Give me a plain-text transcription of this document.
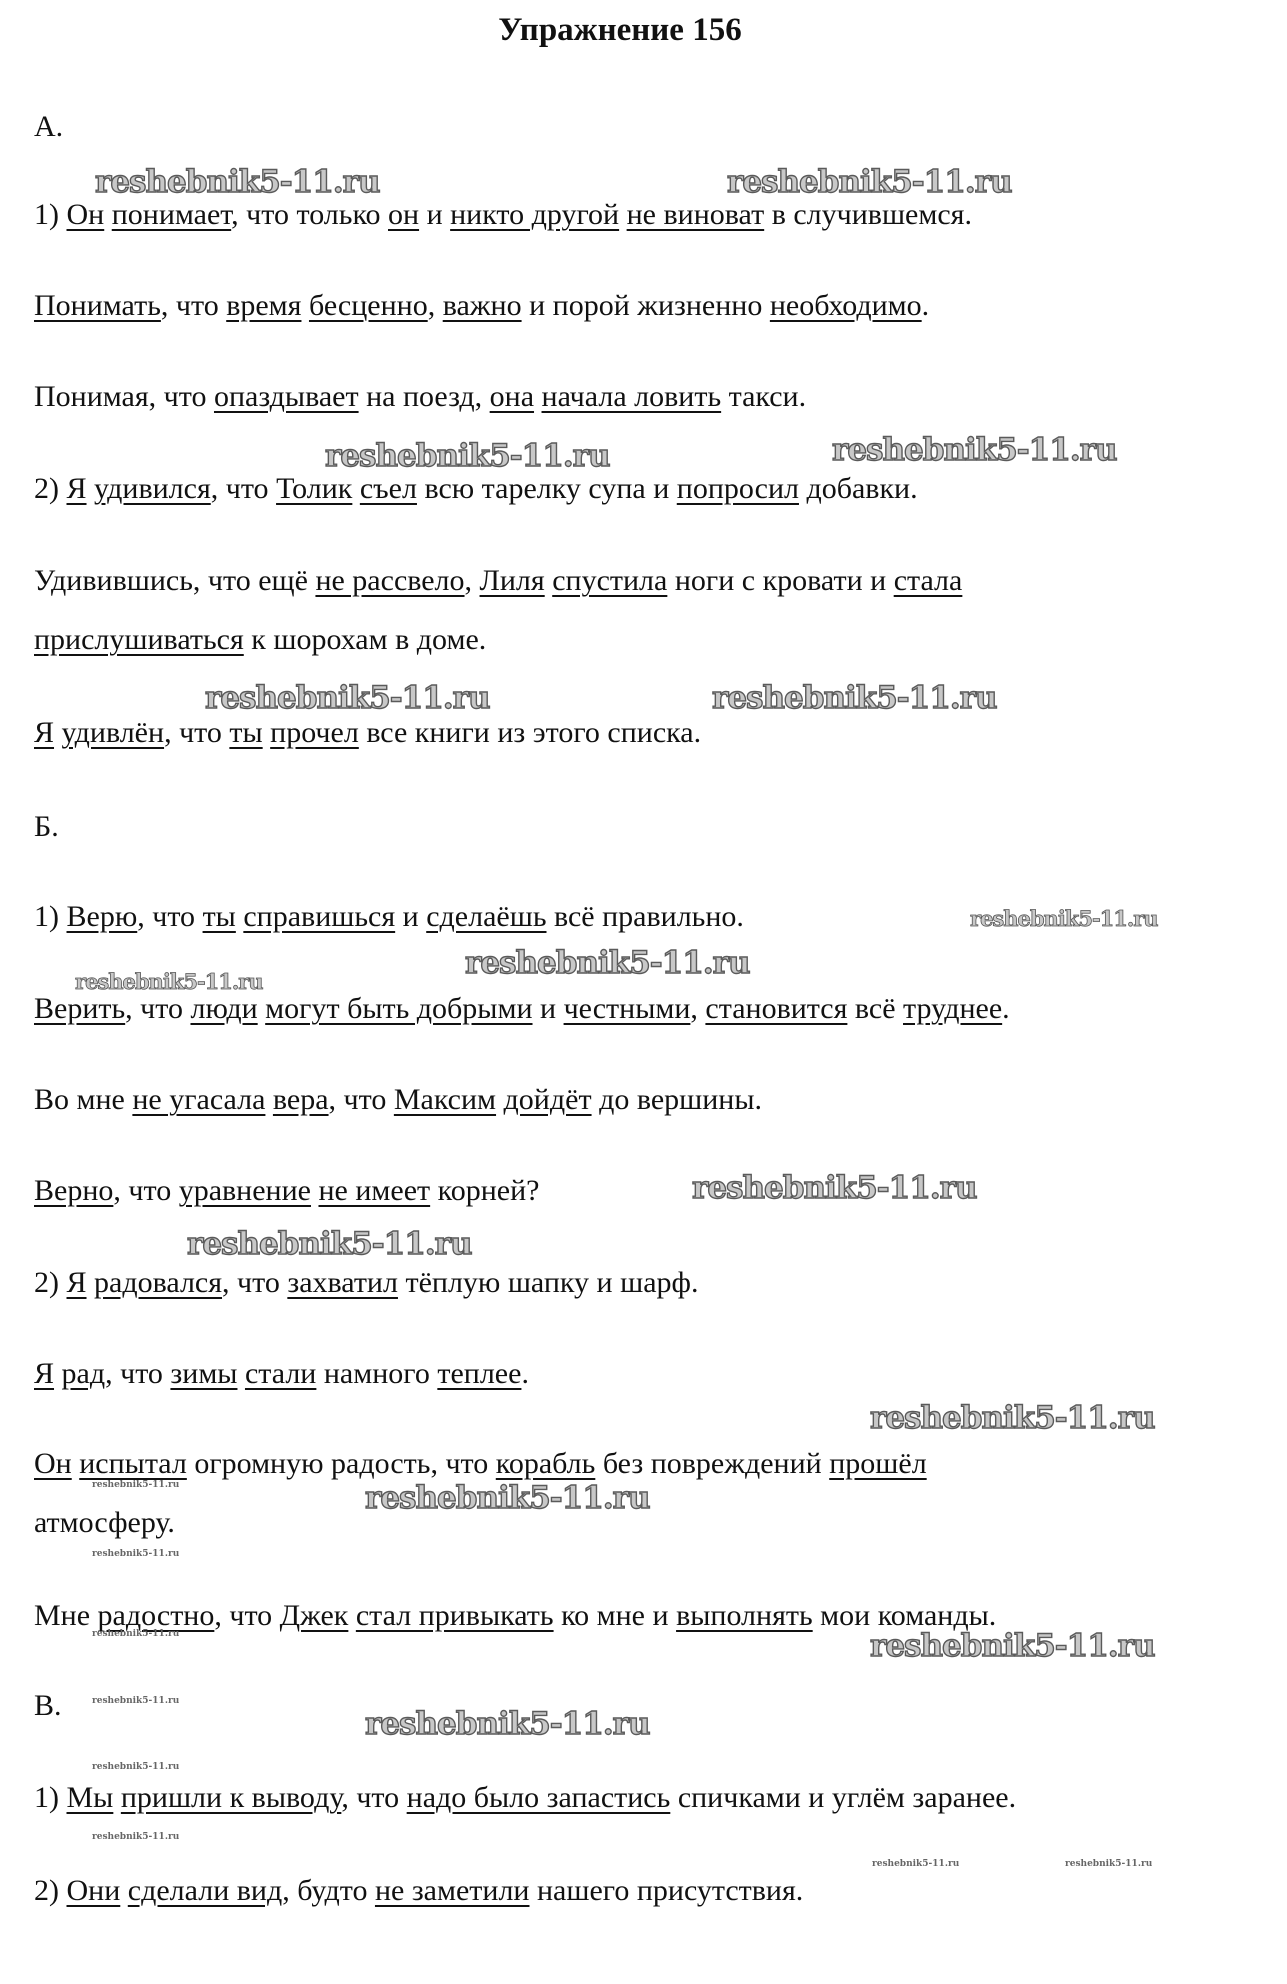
Упражнение 156
А.
Б.
В.
1) Он понимает, что только он и никто другой не виноват в случившемся.
Понимать, что время бесценно, важно и порой жизненно необходимо.
Понимая, что опаздывает на поезд, она начала ловить такси.
2) Я удивился, что Толик съел всю тарелку супа и попросил добавки.
Удивившись, что ещё не рассвело, Лиля спустила ноги с кровати и стала
прислушиваться к шорохам в доме.
Я удивлён, что ты прочел все книги из этого списка.
1) Верю, что ты справишься и сделаёшь всё правильно.
Верить, что люди могут быть добрыми и честными, становится всё труднее.
Во мне не угасала вера, что Максим дойдёт до вершины.
Верно, что уравнение не имеет корней?
2) Я радовался, что захватил тёплую шапку и шарф.
Я рад, что зимы стали намного теплее.
Он испытал огромную радость, что корабль без повреждений прошёл
атмосферу.
Мне радостно, что Джек стал привыкать ко мне и выполнять мои команды.
1) Мы пришли к выводу, что надо было запастись спичками и углём заранее.
2) Они сделали вид, будто не заметили нашего присутствия.
reshebnik5-11.ru	reshebnik5-11.ru
reshebnik5-11.ru	reshebnik5-11.ru
reshebnik5-11.ru	reshebnik5-11.ru
reshebnik5-11.ru
reshebnik5-11.ru
reshebnik5-11.ru
reshebnik5-11.ru
reshebnik5-11.ru
reshebnik5-11.ru
reshebnik5-11.ru
reshebnik5-11.ru
reshebnik5-11.ru
reshebnik5-11.ru
reshebnik5-11.ru
reshebnik5-11.ru
reshebnik5-11.ru
reshebnik5-11.ru
reshebnik5-11.ru
reshebnik5-11.ru	reshebnik5-11.ru
